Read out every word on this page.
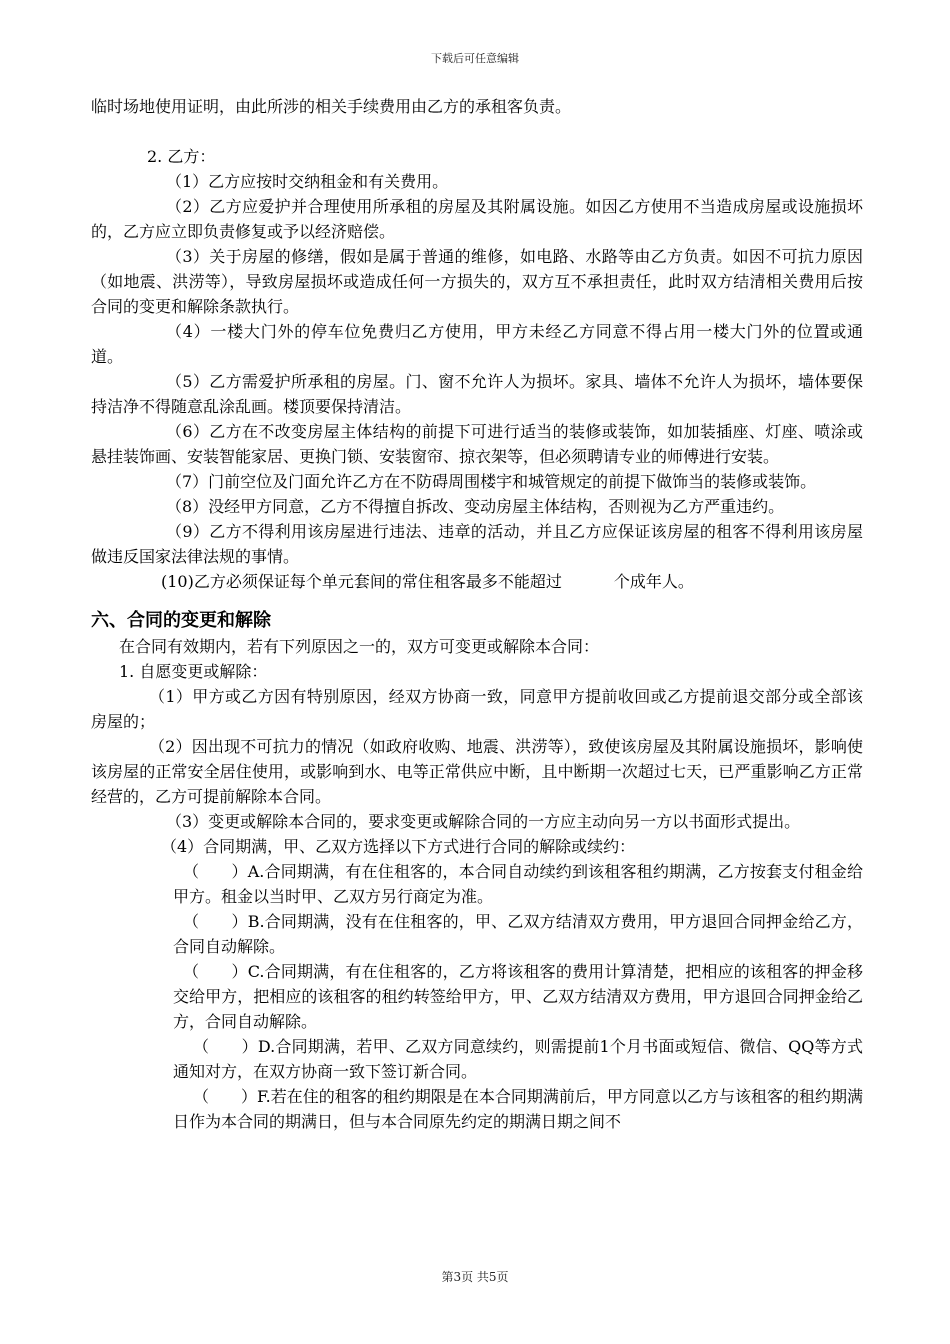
下载后可任意编辑

临时场地使用证明，由此所涉的相关手续费用由乙方的承租客负责。

2. 乙方：

（1）乙方应按时交纳租金和有关费用。

（2）乙方应爱护并合理使用所承租的房屋及其附属设施。如因乙方使用不当造成房屋或设施损坏的，乙方应立即负责修复或予以经济赔偿。

（3）关于房屋的修缮，假如是属于普通的维修，如电路、水路等由乙方负责。如因不可抗力原因（如地震、洪涝等），导致房屋损坏或造成任何一方损失的，双方互不承担责任，此时双方结清相关费用后按合同的变更和解除条款执行。

（4）一楼大门外的停车位免费归乙方使用，甲方未经乙方同意不得占用一楼大门外的位置或通道。

（5）乙方需爱护所承租的房屋。门、窗不允许人为损坏。家具、墙体不允许人为损坏，墙体要保持洁净不得随意乱涂乱画。楼顶要保持清洁。

（6）乙方在不改变房屋主体结构的前提下可进行适当的装修或装饰，如加装插座、灯座、喷涂或悬挂装饰画、安装智能家居、更换门锁、安装窗帘、掠衣架等，但必须聘请专业的师傅进行安装。

（7）门前空位及门面允许乙方在不防碍周围楼宇和城管规定的前提下做饰当的装修或装饰。

（8）没经甲方同意，乙方不得擅自拆改、变动房屋主体结构，否则视为乙方严重违约。

（9）乙方不得利用该房屋进行违法、违章的活动，并且乙方应保证该房屋的租客不得利用该房屋做违反国家法律法规的事情。

(10)乙方必须保证每个单元套间的常住租客最多不能超过	个成年人。

六、合同的变更和解除

在合同有效期内，若有下列原因之一的，双方可变更或解除本合同：

1. 自愿变更或解除：

（1）甲方或乙方因有特别原因，经双方协商一致，同意甲方提前收回或乙方提前退交部分或全部该房屋的；

（2）因出现不可抗力的情况（如政府收购、地震、洪涝等），致使该房屋及其附属设施损坏，影响使该房屋的正常安全居住使用，或影响到水、电等正常供应中断，且中断期一次超过七天，已严重影响乙方正常经营的，乙方可提前解除本合同。

（3）变更或解除本合同的，要求变更或解除合同的一方应主动向另一方以书面形式提出。

（4）合同期满，甲、乙双方选择以下方式进行合同的解除或续约：

（　　）A.合同期满，有在住租客的，本合同自动续约到该租客租约期满，乙方按套支付租金给甲方。租金以当时甲、乙双方另行商定为准。

（　　）B.合同期满，没有在住租客的，甲、乙双方结清双方费用，甲方退回合同押金给乙方，合同自动解除。

（　　）C.合同期满，有在住租客的，乙方将该租客的费用计算清楚，把相应的该租客的押金移交给甲方，把相应的该租客的租约转签给甲方，甲、乙双方结清双方费用，甲方退回合同押金给乙方，合同自动解除。

（　　）D.合同期满，若甲、乙双方同意续约，则需提前1个月书面或短信、微信、QQ等方式通知对方，在双方协商一致下签订新合同。

（　　）F.若在住的租客的租约期限是在本合同期满前后，甲方同意以乙方与该租客的租约期满日作为本合同的期满日，但与本合同原先约定的期满日期之间不

第3页 共5页
